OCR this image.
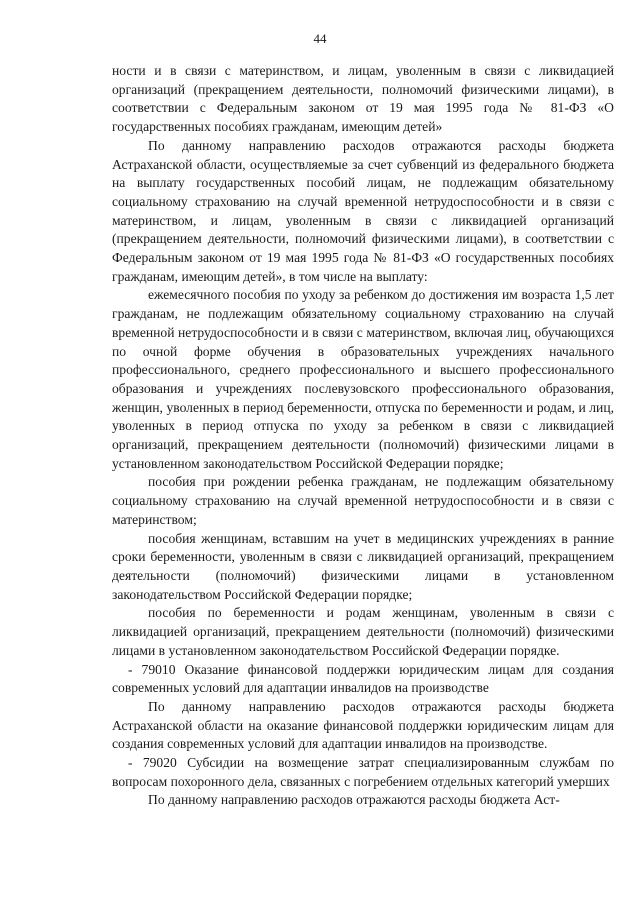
44

ности и в связи с материнством, и лицам, уволенным в связи с ликвидацией организаций (прекращением деятельности, полномочий физическими лицами), в соответствии с Федеральным законом от 19 мая 1995 года № 81-ФЗ «О государственных пособиях гражданам, имеющим детей»

По данному направлению расходов отражаются расходы бюджета Астраханской области, осуществляемые за счет субвенций из федерального бюджета на выплату государственных пособий лицам, не подлежащим обязательному социальному страхованию на случай временной нетрудоспособности и в связи с материнством, и лицам, уволенным в связи с ликвидацией организаций (прекращением деятельности, полномочий физическими лицами), в соответствии с Федеральным законом от 19 мая 1995 года № 81-ФЗ «О государственных пособиях гражданам, имеющим детей», в том числе на выплату:

ежемесячного пособия по уходу за ребенком до достижения им возраста 1,5 лет гражданам, не подлежащим обязательному социальному страхованию на случай временной нетрудоспособности и в связи с материнством, включая лиц, обучающихся по очной форме обучения в образовательных учреждениях начального профессионального, среднего профессионального и высшего профессионального образования и учреждениях послевузовского профессионального образования, женщин, уволенных в период беременности, отпуска по беременности и родам, и лиц, уволенных в период отпуска по уходу за ребенком в связи с ликвидацией организаций, прекращением деятельности (полномочий) физическими лицами в установленном законодательством Российской Федерации порядке;

пособия при рождении ребенка гражданам, не подлежащим обязательному социальному страхованию на случай временной нетрудоспособности и в связи с материнством;

пособия женщинам, вставшим на учет в медицинских учреждениях в ранние сроки беременности, уволенным в связи с ликвидацией организаций, прекращением деятельности (полномочий) физическими лицами в установленном законодательством Российской Федерации порядке;

пособия по беременности и родам женщинам, уволенным в связи с ликвидацией организаций, прекращением деятельности (полномочий) физическими лицами в установленном законодательством Российской Федерации порядке.

- 79010 Оказание финансовой поддержки юридическим лицам для создания современных условий для адаптации инвалидов на производстве

По данному направлению расходов отражаются расходы бюджета Астраханской области на оказание финансовой поддержки юридическим лицам для создания современных условий для адаптации инвалидов на производстве.

- 79020 Субсидии на возмещение затрат специализированным службам по вопросам похоронного дела, связанных с погребением отдельных категорий умерших

По данному направлению расходов отражаются расходы бюджета Аст-
